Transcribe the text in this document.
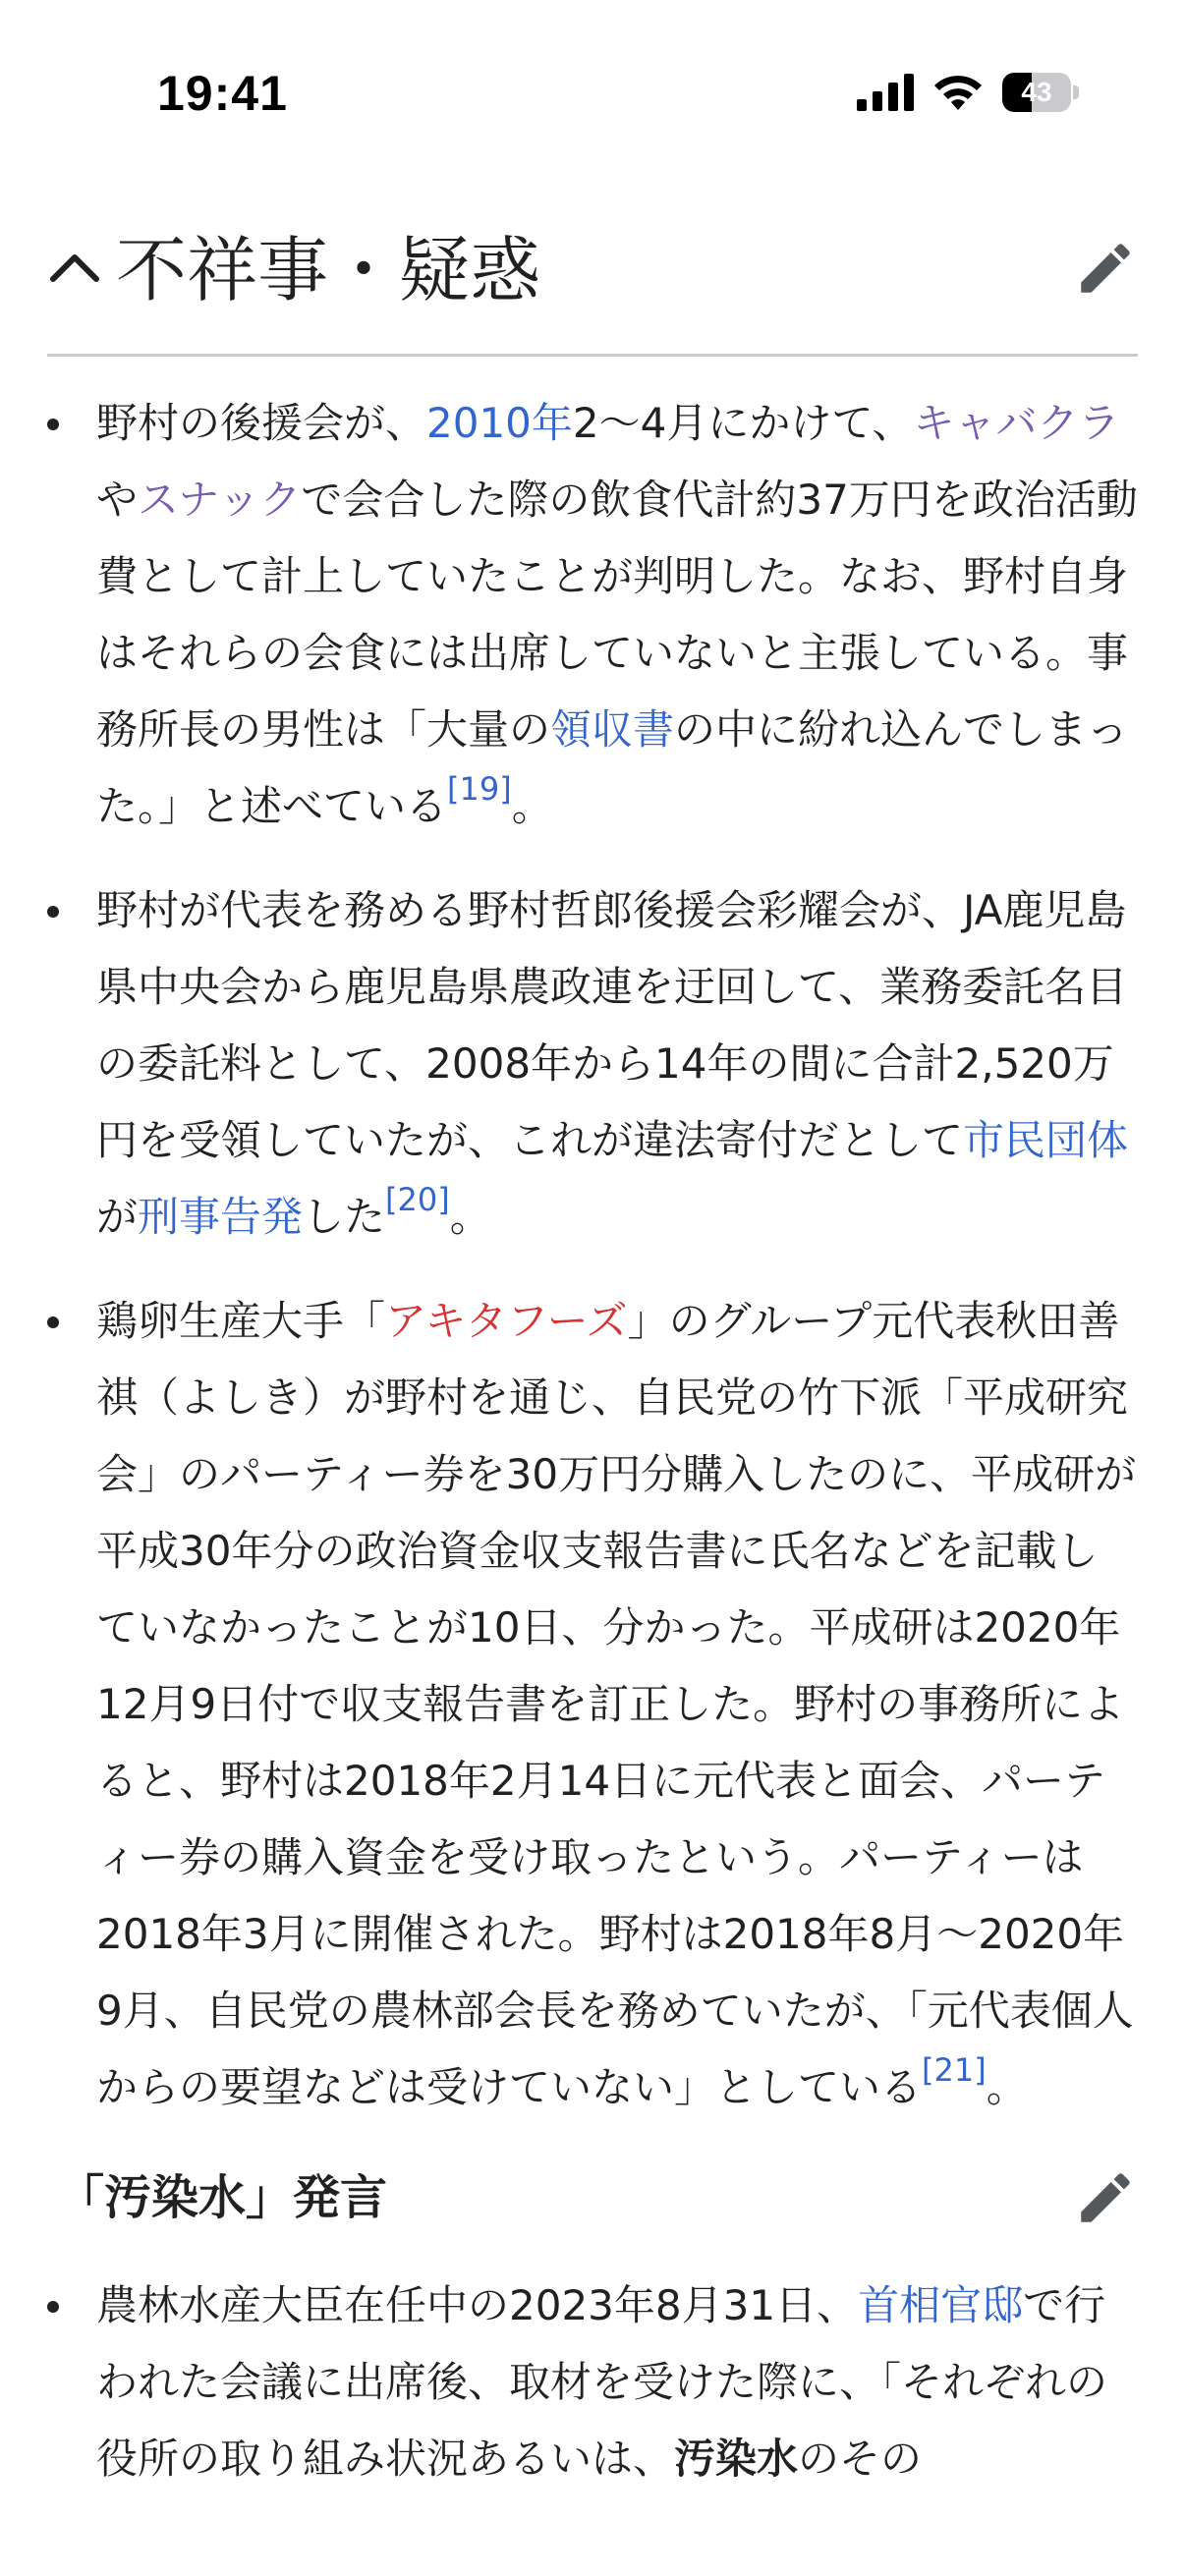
19:41	43
不祥事・疑惑
野村の後援会が、2010年2〜4月にかけて、キャバクラやスナックで会合した際の飲食代計約37万円を政治活動費として計上していたことが判明した。なお、野村自身はそれらの会食には出席していないと主張している。事務所長の男性は「大量の領収書の中に紛れ込んでしまった。」と述べている[19]。
野村が代表を務める野村哲郎後援会彩耀会が、JA鹿児島県中央会から鹿児島県農政連を迂回して、業務委託名目の委託料として、2008年から14年の間に合計2,520万円を受領していたが、これが違法寄付だとして市民団体が刑事告発した[20]。
鶏卵生産大手「アキタフーズ」のグループ元代表秋田善祺（よしき）が野村を通じ、自民党の竹下派「平成研究会」のパーティー券を30万円分購入したのに、平成研が平成30年分の政治資金収支報告書に氏名などを記載していなかったことが10日、分かった。平成研は2020年12月9日付で収支報告書を訂正した。野村の事務所によると、野村は2018年2月14日に元代表と面会、パーティー券の購入資金を受け取ったという。パーティーは2018年3月に開催された。野村は2018年8月〜2020年9月、自民党の農林部会長を務めていたが、「元代表個人からの要望などは受けていない」としている[21]。
「汚染水」発言
農林水産大臣在任中の2023年8月31日、首相官邸で行われた会議に出席後、取材を受けた際に、「それぞれの役所の取り組み状況あるいは、汚染水のその
